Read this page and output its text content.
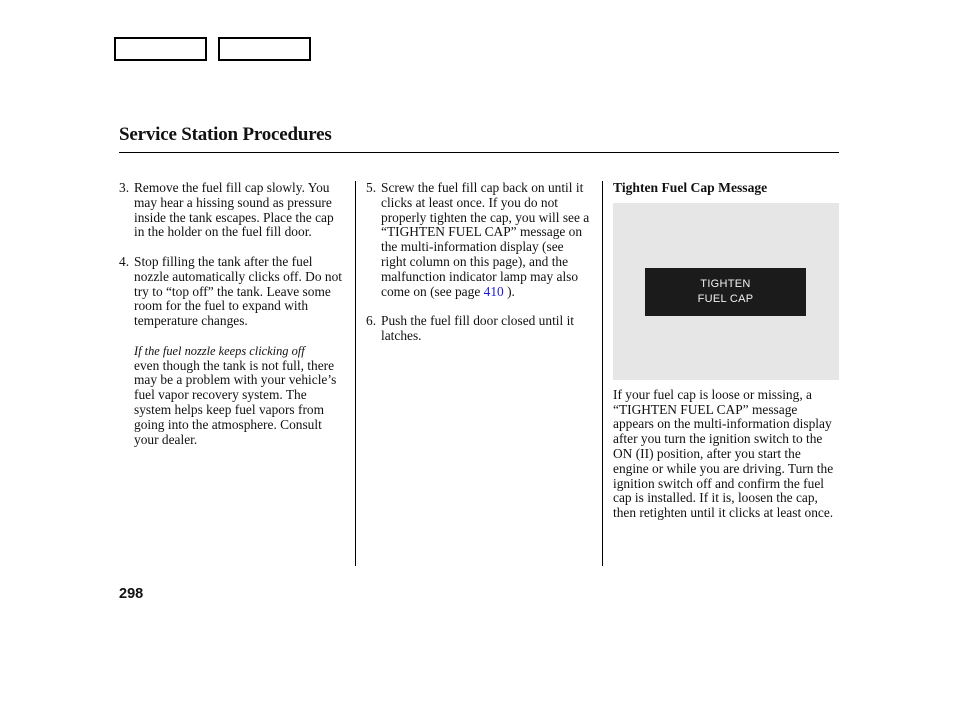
Service Station Procedures
3. Remove the fuel fill cap slowly. You may hear a hissing sound as pressure inside the tank escapes. Place the cap in the holder on the fuel fill door.
4. Stop filling the tank after the fuel nozzle automatically clicks off. Do not try to “top off” the tank. Leave some room for the fuel to expand with temperature changes.
If the fuel nozzle keeps clicking off
even though the tank is not full, there may be a problem with your vehicle’s fuel vapor recovery system. The system helps keep fuel vapors from going into the atmosphere. Consult your dealer.
5. Screw the fuel fill cap back on until it clicks at least once. If you do not properly tighten the cap, you will see a “TIGHTEN FUEL CAP” message on the multi-information display (see right column on this page), and the malfunction indicator lamp may also come on (see page 410 ).
6. Push the fuel fill door closed until it latches.
Tighten Fuel Cap Message
TIGHTEN
FUEL CAP
If your fuel cap is loose or missing, a “TIGHTEN FUEL CAP” message appears on the multi-information display after you turn the ignition switch to the ON (II) position, after you start the engine or while you are driving. Turn the ignition switch off and confirm the fuel cap is installed. If it is, loosen the cap, then retighten until it clicks at least once.
298
